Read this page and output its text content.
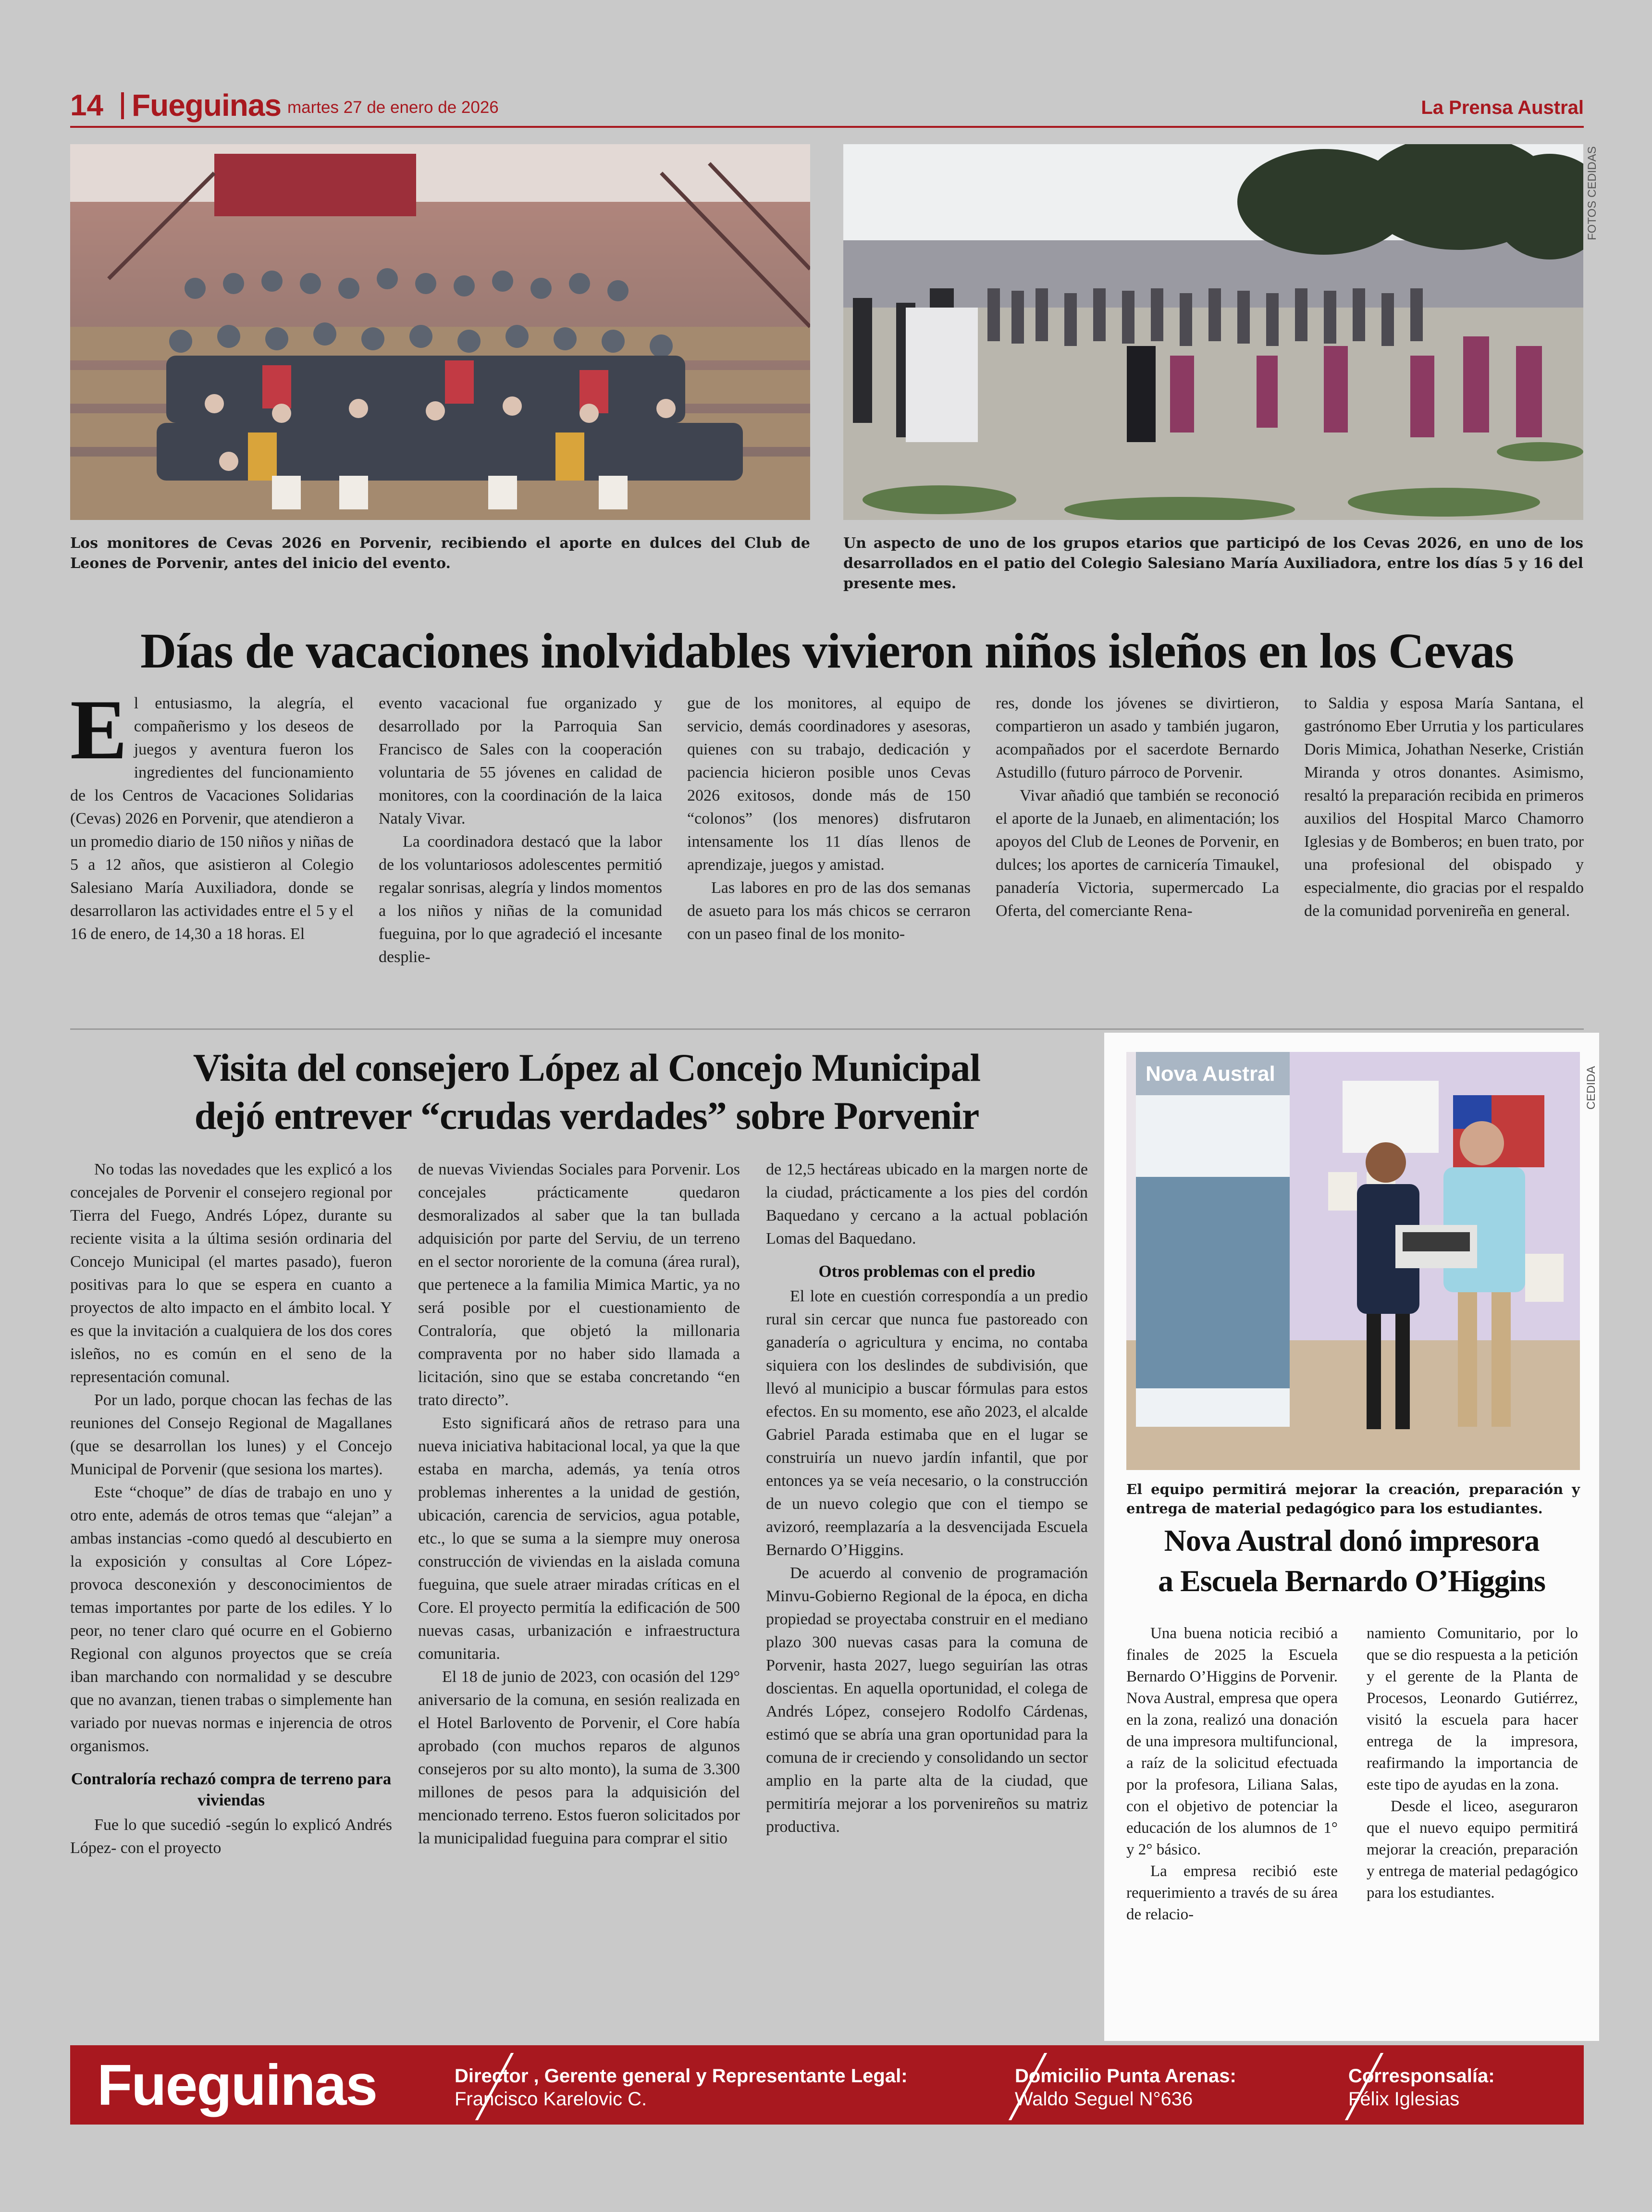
14 Fueguinas martes 27 de enero de 2026	La Prensa Austral
FOTOS CEDIDAS

Los monitores de Cevas 2026 en Porvenir, recibiendo el aporte en dulces del Club de Leones de Porvenir, antes del inicio del evento.

Un aspecto de uno de los grupos etarios que participó de los Cevas 2026, en uno de los desarrollados en el patio del Colegio Salesiano María Auxiliadora, entre los días 5 y 16 del presente mes.

Días de vacaciones inolvidables vivieron niños isleños en los Cevas
E l entusiasmo, la alegría, el compañerismo y los deseos de juegos y aventura fueron los ingredientes del funcionamiento de los Centros de Vacaciones Solidarias (Cevas) 2026 en Porvenir, que atendieron a un promedio diario de 150 niños y niñas de 5 a 12 años, que asistieron al Colegio Salesiano María Auxiliadora, donde se desarrollaron las actividades entre el 5 y el 16 de enero, de 14,30 a 18 horas. El

evento vacacional fue organizado y desarrollado por la Parroquia San Francisco de Sales con la cooperación voluntaria de 55 jóvenes en calidad de monitores, con la coordinación de la laica Nataly Vivar.

La coordinadora destacó que la labor de los voluntariosos adolescentes permitió regalar sonrisas, alegría y lindos momentos a los niños y niñas de la comunidad fueguina, por lo que agradeció el incesante desplie-

gue de los monitores, al equipo de servicio, demás coordinadores y asesoras, quienes con su trabajo, dedicación y paciencia hicieron posible unos Cevas 2026 exitosos, donde más de 150 “colonos” (los menores) disfrutaron intensamente los 11 días llenos de aprendizaje, juegos y amistad.

Las labores en pro de las dos semanas de asueto para los más chicos se cerraron con un paseo final de los monito-

res, donde los jóvenes se divirtieron, compartieron un asado y también jugaron, acompañados por el sacerdote Bernardo Astudillo (futuro párroco de Porvenir.

Vivar añadió que también se reconoció el aporte de la Junaeb, en alimentación; los apoyos del Club de Leones de Porvenir, en dulces; los aportes de carnicería Timaukel, panadería Victoria, supermercado La Oferta, del comerciante Rena-

to Saldia y esposa María Santana, el gastrónomo Eber Urrutia y los particulares Doris Mimica, Johathan Neserke, Cristián Miranda y otros donantes. Asimismo, resaltó la preparación recibida en primeros auxilios del Hospital Marco Chamorro Iglesias y de Bomberos; en buen trato, por una profesional del obispado y especialmente, dio gracias por el respaldo de la comunidad porvenireña en general.

Visita del consejero López al Concejo Municipal
dejó entrever “crudas verdades” sobre Porvenir

No todas las novedades que les explicó a los concejales de Porvenir el consejero regional por Tierra del Fuego, Andrés López, durante su reciente visita a la última sesión ordinaria del Concejo Municipal (el martes pasado), fueron positivas para lo que se espera en cuanto a proyectos de alto impacto en el ámbito local. Y es que la invitación a cualquiera de los dos cores isleños, no es común en el seno de la representación comunal.

Por un lado, porque chocan las fechas de las reuniones del Consejo Regional de Magallanes (que se desarrollan los lunes) y el Concejo Municipal de Porvenir (que sesiona los martes).

Este “choque” de días de trabajo en uno y otro ente, además de otros temas que “alejan” a ambas instancias -como quedó al descubierto en la exposición y consultas al Core López- provoca desconexión y desconocimientos de temas importantes por parte de los ediles. Y lo peor, no tener claro qué ocurre en el Gobierno Regional con algunos proyectos que se creía iban marchando con normalidad y se descubre que no avanzan, tienen trabas o simplemente han variado por nuevas normas e injerencia de otros organismos.

Contraloría rechazó compra de terreno para viviendas

Fue lo que sucedió -según lo explicó Andrés López- con el proyecto

de nuevas Viviendas Sociales para Porvenir. Los concejales prácticamente quedaron desmoralizados al saber que la tan bullada adquisición por parte del Serviu, de un terreno en el sector nororiente de la comuna (área rural), que pertenece a la familia Mimica Martic, ya no será posible por el cuestionamiento de Contraloría, que objetó la millonaria compraventa por no haber sido llamada a licitación, sino que se estaba concretando “en trato directo”.

Esto significará años de retraso para una nueva iniciativa habitacional local, ya que la que estaba en marcha, además, ya tenía otros problemas inherentes a la unidad de gestión, ubicación, carencia de servicios, agua potable, etc., lo que se suma a la siempre muy onerosa construcción de viviendas en la aislada comuna fueguina, que suele atraer miradas críticas en el Core. El proyecto permitía la edificación de 500 nuevas casas, urbanización e infraestructura comunitaria.

El 18 de junio de 2023, con ocasión del 129° aniversario de la comuna, en sesión realizada en el Hotel Barlovento de Porvenir, el Core había aprobado (con muchos reparos de algunos consejeros por su alto monto), la suma de 3.300 millones de pesos para la adquisición del mencionado terreno. Estos fueron solicitados por la municipalidad fueguina para comprar el sitio

de 12,5 hectáreas ubicado en la margen norte de la ciudad, prácticamente a los pies del cordón Baquedano y cercano a la actual población Lomas del Baquedano.

Otros problemas con el predio

El lote en cuestión correspondía a un predio rural sin cercar que nunca fue pastoreado con ganadería o agricultura y encima, no contaba siquiera con los deslindes de subdivisión, que llevó al municipio a buscar fórmulas para estos efectos. En su momento, ese año 2023, el alcalde Gabriel Parada estimaba que en el lugar se construiría un nuevo jardín infantil, que por entonces ya se veía necesario, o la construcción de un nuevo colegio que con el tiempo se avizoró, reemplazaría a la desvencijada Escuela Bernardo O’Higgins.

De acuerdo al convenio de programación Minvu-Gobierno Regional de la época, en dicha propiedad se proyectaba construir en el mediano plazo 300 nuevas casas para la comuna de Porvenir, hasta 2027, luego seguirían las otras doscientas. En aquella oportunidad, el colega de Andrés López, consejero Rodolfo Cárdenas, estimó que se abría una gran oportunidad para la comuna de ir creciendo y consolidando un sector amplio en la parte alta de la ciudad, que permitiría mejorar a los porvenireños su matriz productiva.

Nova Austral	CEDIDA

El equipo permitirá mejorar la creación, preparación y entrega de material pedagógico para los estudiantes.

Nova Austral donó impresora
a Escuela Bernardo O’Higgins

Una buena noticia recibió a finales de 2025 la Escuela Bernardo O’Higgins de Porvenir. Nova Austral, empresa que opera en la zona, realizó una donación de una impresora multifuncional, a raíz de la solicitud efectuada por la profesora, Liliana Salas, con el objetivo de potenciar la educación de los alumnos de 1° y 2° básico.

La empresa recibió este requerimiento a través de su área de relacio-

namiento Comunitario, por lo que se dio respuesta a la petición y el gerente de la Planta de Procesos, Leonardo Gutiérrez, visitó la escuela para hacer entrega de la impresora, reafirmando la importancia de este tipo de ayudas en la zona.

Desde el liceo, aseguraron que el nuevo equipo permitirá mejorar la creación, preparación y entrega de material pedagógico para los estudiantes.

Fueguinas	Director , Gerente general y Representante Legal:
Francisco Karelovic C.
Domicilio Punta Arenas:
Waldo Seguel N°636
Corresponsalía:
Félix Iglesias
